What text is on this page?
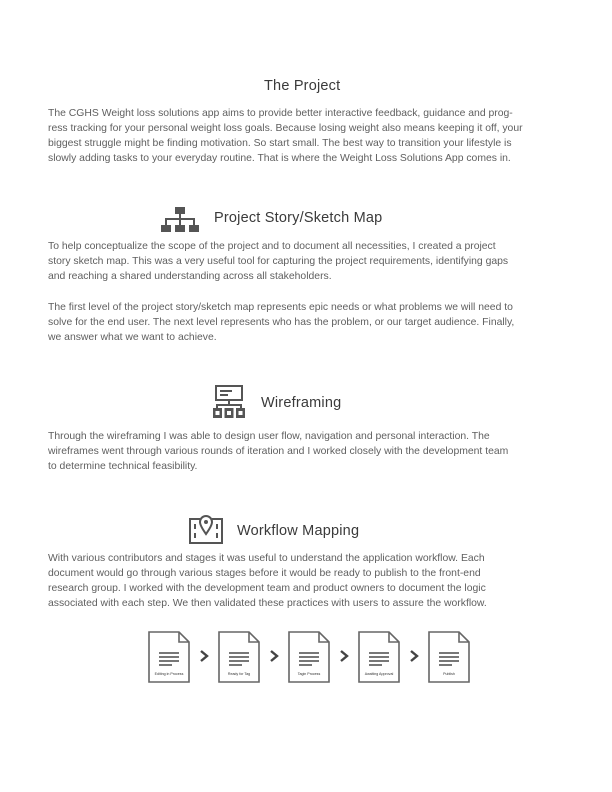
The Project

The CGHS Weight loss solutions app aims to provide better interactive feedback, guidance and prog-
ress tracking for your personal weight loss goals. Because losing weight also means keeping it off, your
biggest struggle might be finding motivation. So start small. The best way to transition your lifestyle is
slowly adding tasks to your everyday routine. That is where the Weight Loss Solutions App comes in.

Project Story/Sketch Map

To help conceptualize the scope of the project and to document all necessities, I created a project
story sketch map. This was a very useful tool for capturing the project requirements, identifying gaps
and reaching a shared understanding across all stakeholders.

The first level of the project story/sketch map represents epic needs or what problems we will need to
solve for the end user. The next level represents who has the problem, or our target audience. Finally,
we answer what we want to achieve.

Wireframing

Through the wireframing I was able to design user flow, navigation and personal interaction. The
wireframes went through various rounds of iteration and I worked closely with the development team
to determine technical feasibility.

Workflow Mapping

With various contributors and stages it was useful to understand the application workflow. Each
document would go through various stages before it would be ready to publish to the front-end
research group. I worked with the development team and product owners to document the logic
associated with each step. We then validated these practices with users to assure the workflow.

Editing in Process	Ready for Tag	Tagin Process	Awaiting Approval	Publish
